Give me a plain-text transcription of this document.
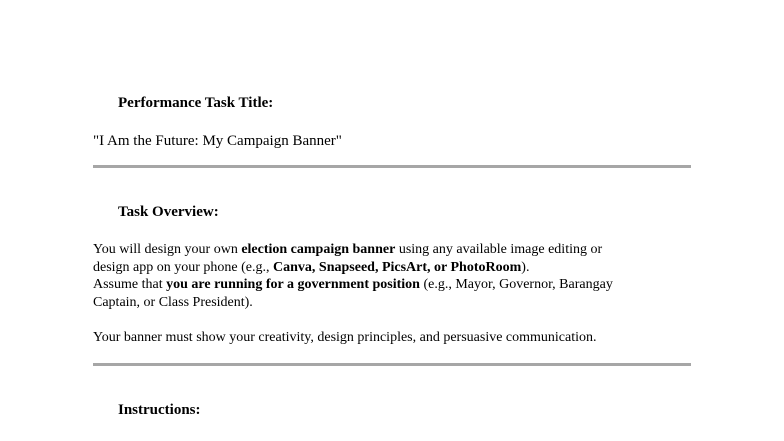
Performance Task Title:
"I Am the Future: My Campaign Banner"
Task Overview:
You will design your own election campaign banner using any available image editing or
design app on your phone (e.g., Canva, Snapseed, PicsArt, or PhotoRoom).
Assume that you are running for a government position (e.g., Mayor, Governor, Barangay
Captain, or Class President).
Your banner must show your creativity, design principles, and persuasive communication.
Instructions:
